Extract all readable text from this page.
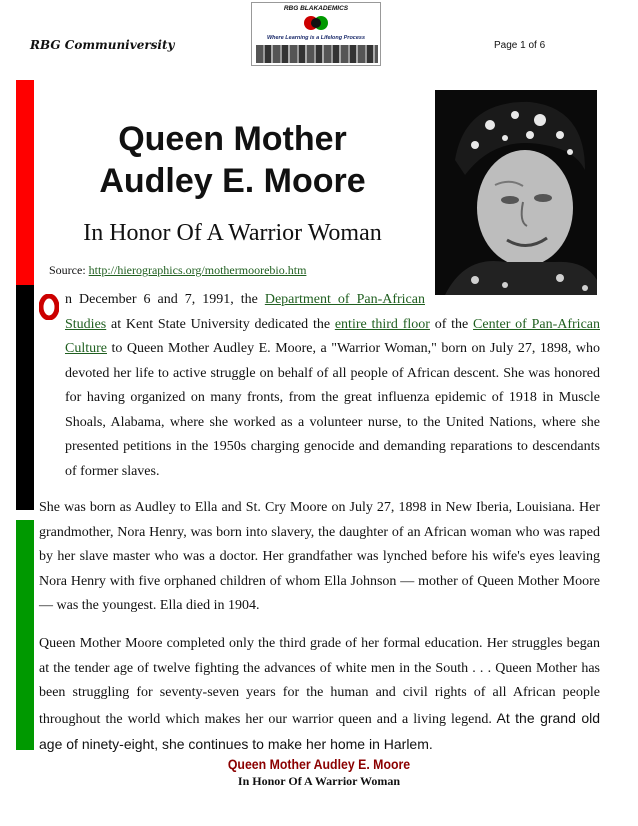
RBG Communiversity
RBG BLAKADEMICS
Where Learning is a Lifelong Process
Page 1 of 6
Queen Mother
Audley E. Moore
In Honor Of A Warrior Woman
Source: http://hierographics.org/mothermoorebio.htm
n December 6 and 7, 1991, the Department of Pan-African
Studies at Kent State University dedicated the entire third floor of the Center of Pan-African Culture to Queen Mother Audley E. Moore, a "Warrior Woman," born on July 27, 1898, who devoted her life to active struggle on behalf of all people of African descent. She was honored for having organized on many fronts, from the great influenza epidemic of 1918 in Muscle Shoals, Alabama, where she worked as a volunteer nurse, to the United Nations, where she presented petitions in the 1950s charging genocide and demanding reparations to descendants of former slaves.
She was born as Audley to Ella and St. Cry Moore on July 27, 1898 in New Iberia, Louisiana. Her grandmother, Nora Henry, was born into slavery, the daughter of an African woman who was raped by her slave master who was a doctor. Her grandfather was lynched before his wife's eyes leaving Nora Henry with five orphaned children of whom Ella Johnson — mother of Queen Mother Moore — was the youngest. Ella died in 1904.
Queen Mother Moore completed only the third grade of her formal education. Her struggles began at the tender age of twelve fighting the advances of white men in the South . . . Queen Mother has been struggling for seventy-seven years for the human and civil rights of all African people throughout the world which makes her our warrior queen and a living legend. At the grand old age of ninety-eight, she continues to make her home in Harlem.
Queen Mother Audley E. Moore
In Honor Of A Warrior Woman
